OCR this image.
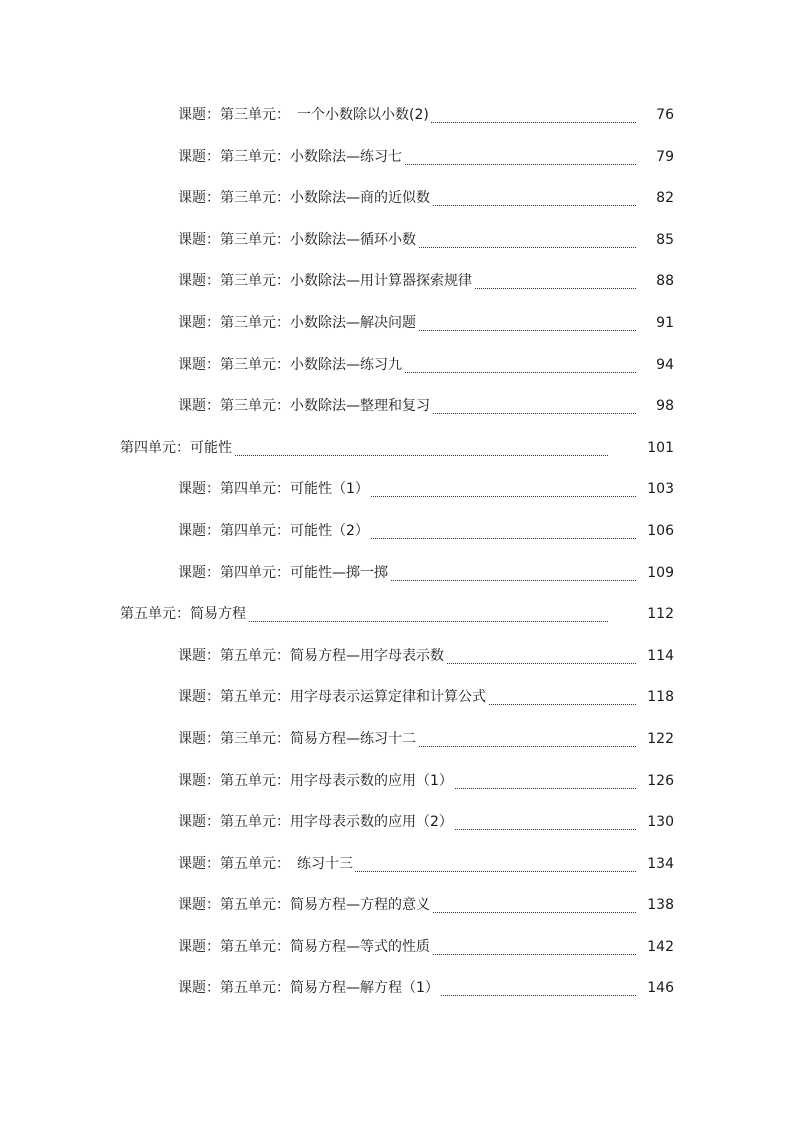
课题：第三单元：　一个小数除以小数(2)	76
课题：第三单元：小数除法—练习七	79
课题：第三单元：小数除法—商的近似数	82
课题：第三单元：小数除法—循环小数	85
课题：第三单元：小数除法—用计算器探索规律	88
课题：第三单元：小数除法—解决问题	91
课题：第三单元：小数除法—练习九	94
课题：第三单元：小数除法—整理和复习	98
第四单元：可能性	101
课题：第四单元：可能性（1）	103
课题：第四单元：可能性（2）	106
课题：第四单元：可能性—掷一掷	109
第五单元：简易方程	112
课题：第五单元：简易方程—用字母表示数	114
课题：第五单元：用字母表示运算定律和计算公式	118
课题：第三单元：简易方程—练习十二	122
课题：第五单元：用字母表示数的应用（1）	126
课题：第五单元：用字母表示数的应用（2）	130
课题：第五单元：　练习十三	134
课题：第五单元：简易方程—方程的意义	138
课题：第五单元：简易方程—等式的性质	142
课题：第五单元：简易方程—解方程（1）	146
